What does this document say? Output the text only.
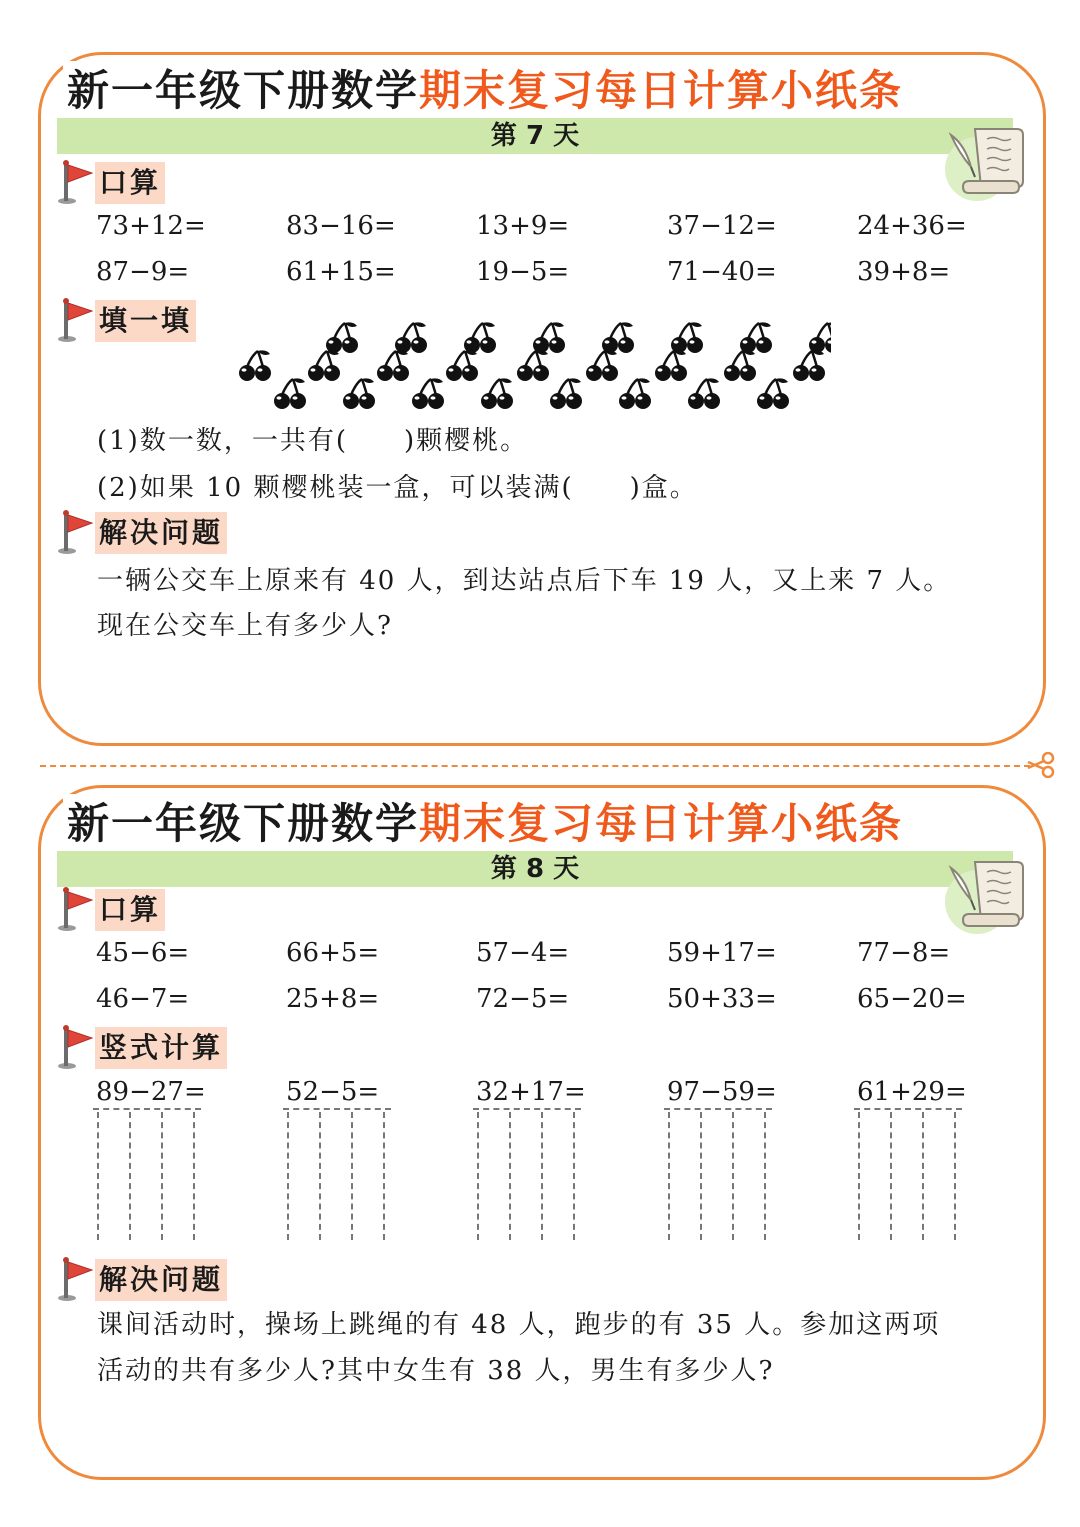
新一年级下册数学期末复习每日计算小纸条
第 7 天
口算
73+12=	83−16=	13+9=	37−12=	24+36=
87−9=	61+15=	19−5=	71−40=	39+8=
填一填
(1)数一数，一共有(　　)颗樱桃。
(2)如果 10 颗樱桃装一盒，可以装满(　　)盒。
解决问题
一辆公交车上原来有 40 人，到达站点后下车 19 人，又上来 7 人。
现在公交车上有多少人?
新一年级下册数学期末复习每日计算小纸条
第 8 天
口算
45−6=	66+5=	57−4=	59+17=	77−8=
46−7=	25+8=	72−5=	50+33=	65−20=
竖式计算
89−27=	52−5=	32+17=	97−59=	61+29=
解决问题
课间活动时，操场上跳绳的有 48 人，跑步的有 35 人。参加这两项
活动的共有多少人?其中女生有 38 人，男生有多少人?
